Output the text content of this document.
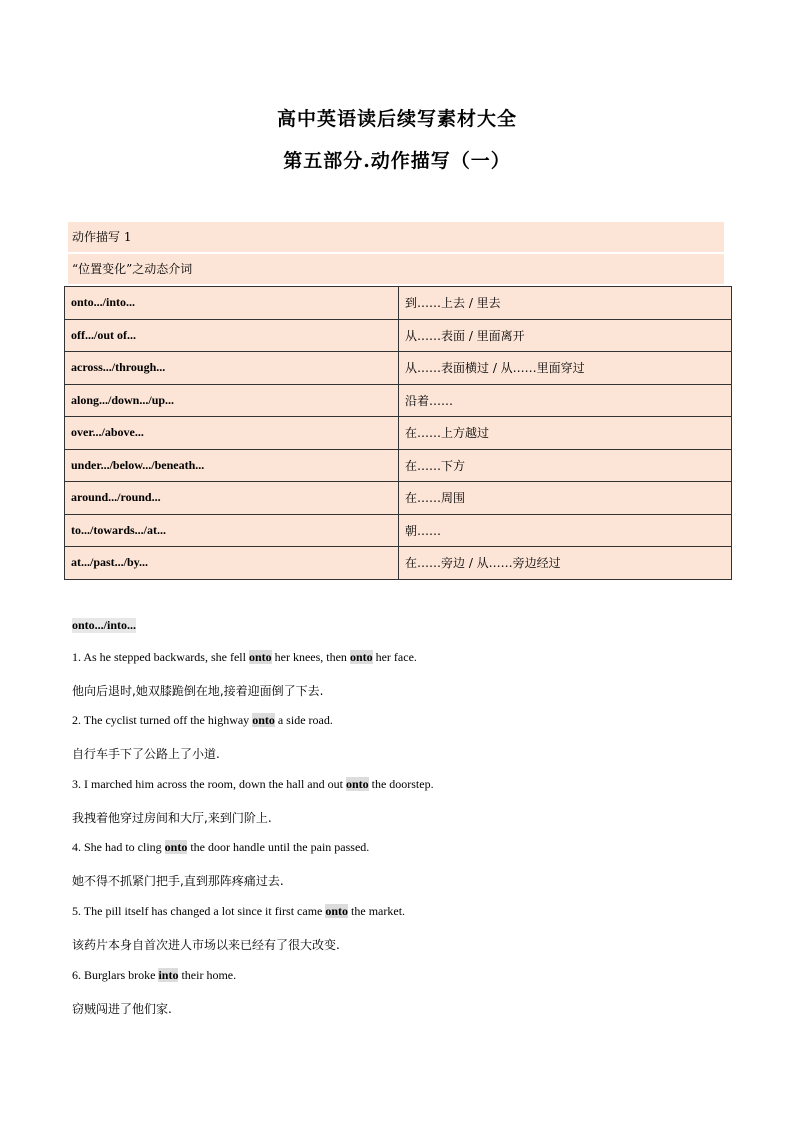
高中英语读后续写素材大全
第五部分.动作描写（一）
动作描写 1
“位置变化”之动态介词
onto.../into...	到……上去 / 里去
off.../out of...	从……表面 / 里面离开
across.../through...	从……表面横过 / 从……里面穿过
along.../down.../up...	沿着……
over.../above...	在……上方越过
under.../below.../beneath...	在……下方
around.../round...	在……周围
to.../towards.../at...	朝……
at.../past.../by...	在……旁边 / 从……旁边经过
onto.../into...
1. As he stepped backwards, she fell onto her knees, then onto her face.
他向后退时,她双膝跪倒在地,接着迎面倒了下去.
2. The cyclist turned off the highway onto a side road.
自行车手下了公路上了小道.
3. I marched him across the room, down the hall and out onto the doorstep.
我拽着他穿过房间和大厅,来到门阶上.
4. She had to cling onto the door handle until the pain passed.
她不得不抓紧门把手,直到那阵疼痛过去.
5. The pill itself has changed a lot since it first came onto the market.
该药片本身自首次进人市场以来已经有了很大改变.
6. Burglars broke into their home.
窃贼闯进了他们家.
